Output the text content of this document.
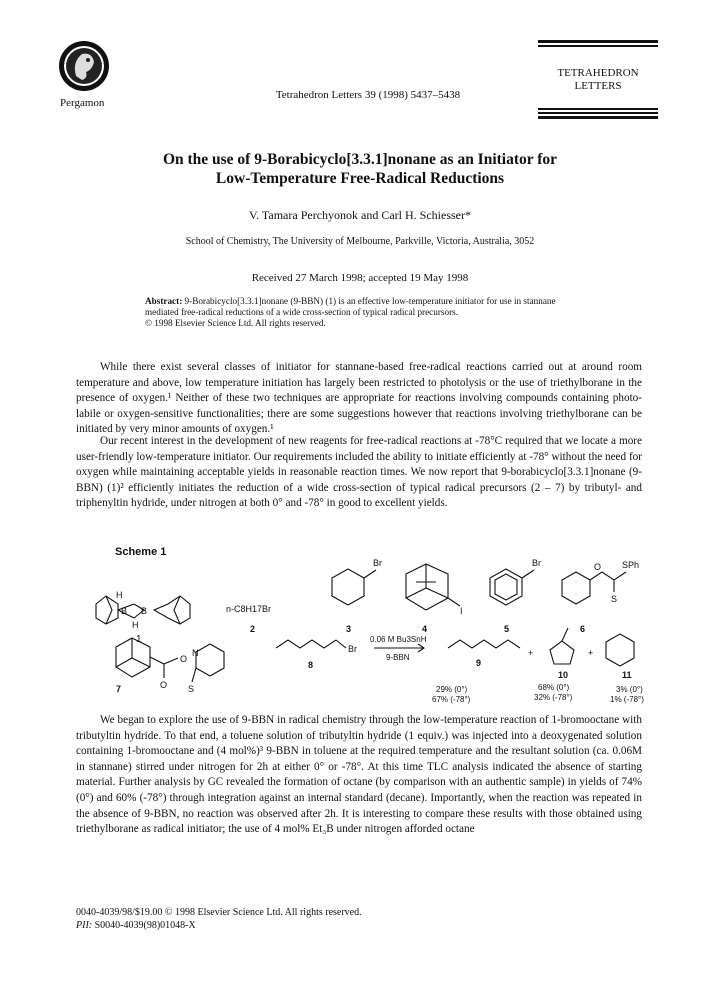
Pergamon
Tetrahedron Letters 39 (1998) 5437–5438
TETRAHEDRON
LETTERS
On the use of 9-Borabicyclo[3.3.1]nonane as an Initiator for
Low-Temperature Free-Radical Reductions
V. Tamara Perchyonok and Carl H. Schiesser*
School of Chemistry, The University of Melbourne, Parkville, Victoria, Australia, 3052
Received 27 March 1998; accepted 19 May 1998
Abstract: 9-Borabicyclo[3.3.1]nonane (9-BBN) (1) is an effective low-temperature initiator for use in stannane mediated free-radical reductions of a wide cross-section of typical radical precursors.
© 1998 Elsevier Science Ltd. All rights reserved.
While there exist several classes of initiator for stannane-based free-radical reactions carried out at around room temperature and above, low temperature initiation has largely been restricted to photolysis or the use of triethylborane in the presence of oxygen.¹ Neither of these two techniques are appropriate for reactions involving compounds containing photo-labile or oxygen-sensitive functionalities; there are some suggestions however that reactions involving triethylborane can be initiated by very minor amounts of oxygen.¹
Our recent interest in the development of new reagents for free-radical reactions at -78°C required that we locate a more user-friendly low-temperature initiator. Our requirements included the ability to initiate efficiently at -78° without the need for oxygen while maintaining acceptable yields in reasonable reaction times. We now report that 9-borabicyclo[3.3.1]nonane (9-BBN) (1)² efficiently initiates the reduction of a wide cross-section of typical radical precursors (2 – 7) by tributyl- and triphenyltin hydride, under nitrogen at both 0° and -78° in good to excellent yields.
Scheme 1
H
B B
H
1
n-C8H17Br
2
Br
3
I
4
Br
5
O SPh
S
6
O
N
O S
7
Br
8
0.06 M Bu3SnH
9-BBN
9
+
10
+
11
29% (0°)
67% (-78°)
68% (0°)
32% (-78°)
3% (0°)
1% (-78°)
We began to explore the use of 9-BBN in radical chemistry through the low-temperature reaction of 1-bromooctane with tributyltin hydride. To that end, a toluene solution of tributyltin hydride (1 equiv.) was injected into a deoxygenated solution containing 1-bromooctane and (4 mol%)³ 9-BBN in toluene at the required temperature and the resultant solution (ca. 0.06M in stannane) stirred under nitrogen for 2h at either 0° or -78°. At this time TLC analysis indicated the absence of starting material. Further analysis by GC revealed the formation of octane (by comparison with an authentic sample) in yields of 74% (0°) and 60% (-78°) through integration against an internal standard (decane). Importantly, when the reaction was repeated in the absence of 9-BBN, no reaction was observed after 2h. It is interesting to compare these results with those obtained using triethylborane as radical initiator; the use of 4 mol% Et₃B under nitrogen afforded octane
0040-4039/98/$19.00 © 1998 Elsevier Science Ltd. All rights reserved.
PII: S0040-4039(98)01048-X
